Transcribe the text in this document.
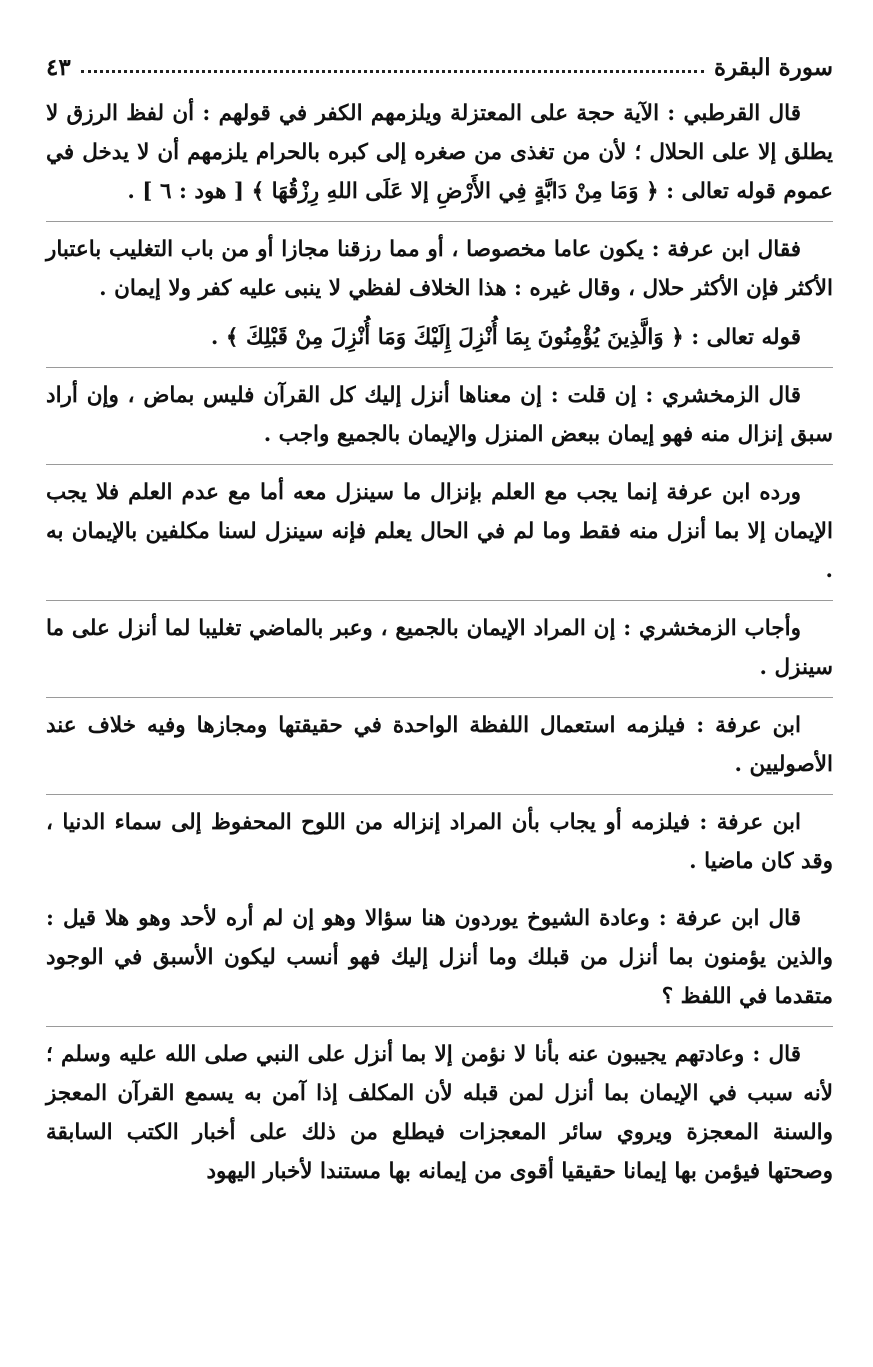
سورة البقرة
٤٣

قال القرطبي : الآية حجة على المعتزلة ويلزمهم الكفر في قولهم : أن لفظ الرزق لا يطلق إلا على الحلال ؛ لأن من تغذى من صغره إلى كبره بالحرام يلزمهم أن لا يدخل في عموم قوله تعالى : ﴿ وَمَا مِنْ دَابَّةٍ فِي الأَرْضِ إلا عَلَى اللهِ رِزْقُهَا ﴾ [ هود : ٦ ] .

فقال ابن عرفة : يكون عاما مخصوصا ، أو مما رزقنا مجازا أو من باب التغليب باعتبار الأكثر فإن الأكثر حلال ، وقال غيره : هذا الخلاف لفظي لا ينبى عليه كفر ولا إيمان .

قوله تعالى : ﴿ وَالَّذِينَ يُؤْمِنُونَ بِمَا أُنْزِلَ إِلَيْكَ وَمَا أُنْزِلَ مِنْ قَبْلِكَ ﴾ .

قال الزمخشري : إن قلت : إن معناها أنزل إليك كل القرآن فليس بماض ، وإن أراد سبق إنزال منه فهو إيمان ببعض المنزل والإيمان بالجميع واجب .

ورده ابن عرفة إنما يجب مع العلم بإنزال ما سينزل معه أما مع عدم العلم فلا يجب الإيمان إلا بما أنزل منه فقط وما لم في الحال يعلم فإنه سينزل لسنا مكلفين بالإيمان به .

وأجاب الزمخشري : إن المراد الإيمان بالجميع ، وعبر بالماضي تغليبا لما أنزل على ما سينزل .

ابن عرفة : فيلزمه استعمال اللفظة الواحدة في حقيقتها ومجازها وفيه خلاف عند الأصوليين .

ابن عرفة : فيلزمه أو يجاب بأن المراد إنزاله من اللوح المحفوظ إلى سماء الدنيا ، وقد كان ماضيا .

قال ابن عرفة : وعادة الشيوخ يوردون هنا سؤالا وهو إن لم أره لأحد وهو هلا قيل : والذين يؤمنون بما أنزل من قبلك وما أنزل إليك فهو أنسب ليكون الأسبق في الوجود متقدما في اللفظ ؟

قال : وعادتهم يجيبون عنه بأنا لا نؤمن إلا بما أنزل على النبي صلى الله عليه وسلم ؛ لأنه سبب في الإيمان بما أنزل لمن قبله لأن المكلف إذا آمن به يسمع القرآن المعجز والسنة المعجزة ويروي سائر المعجزات فيطلع من ذلك على أخبار الكتب السابقة وصحتها فيؤمن بها إيمانا حقيقيا أقوى من إيمانه بها مستندا لأخبار اليهود
